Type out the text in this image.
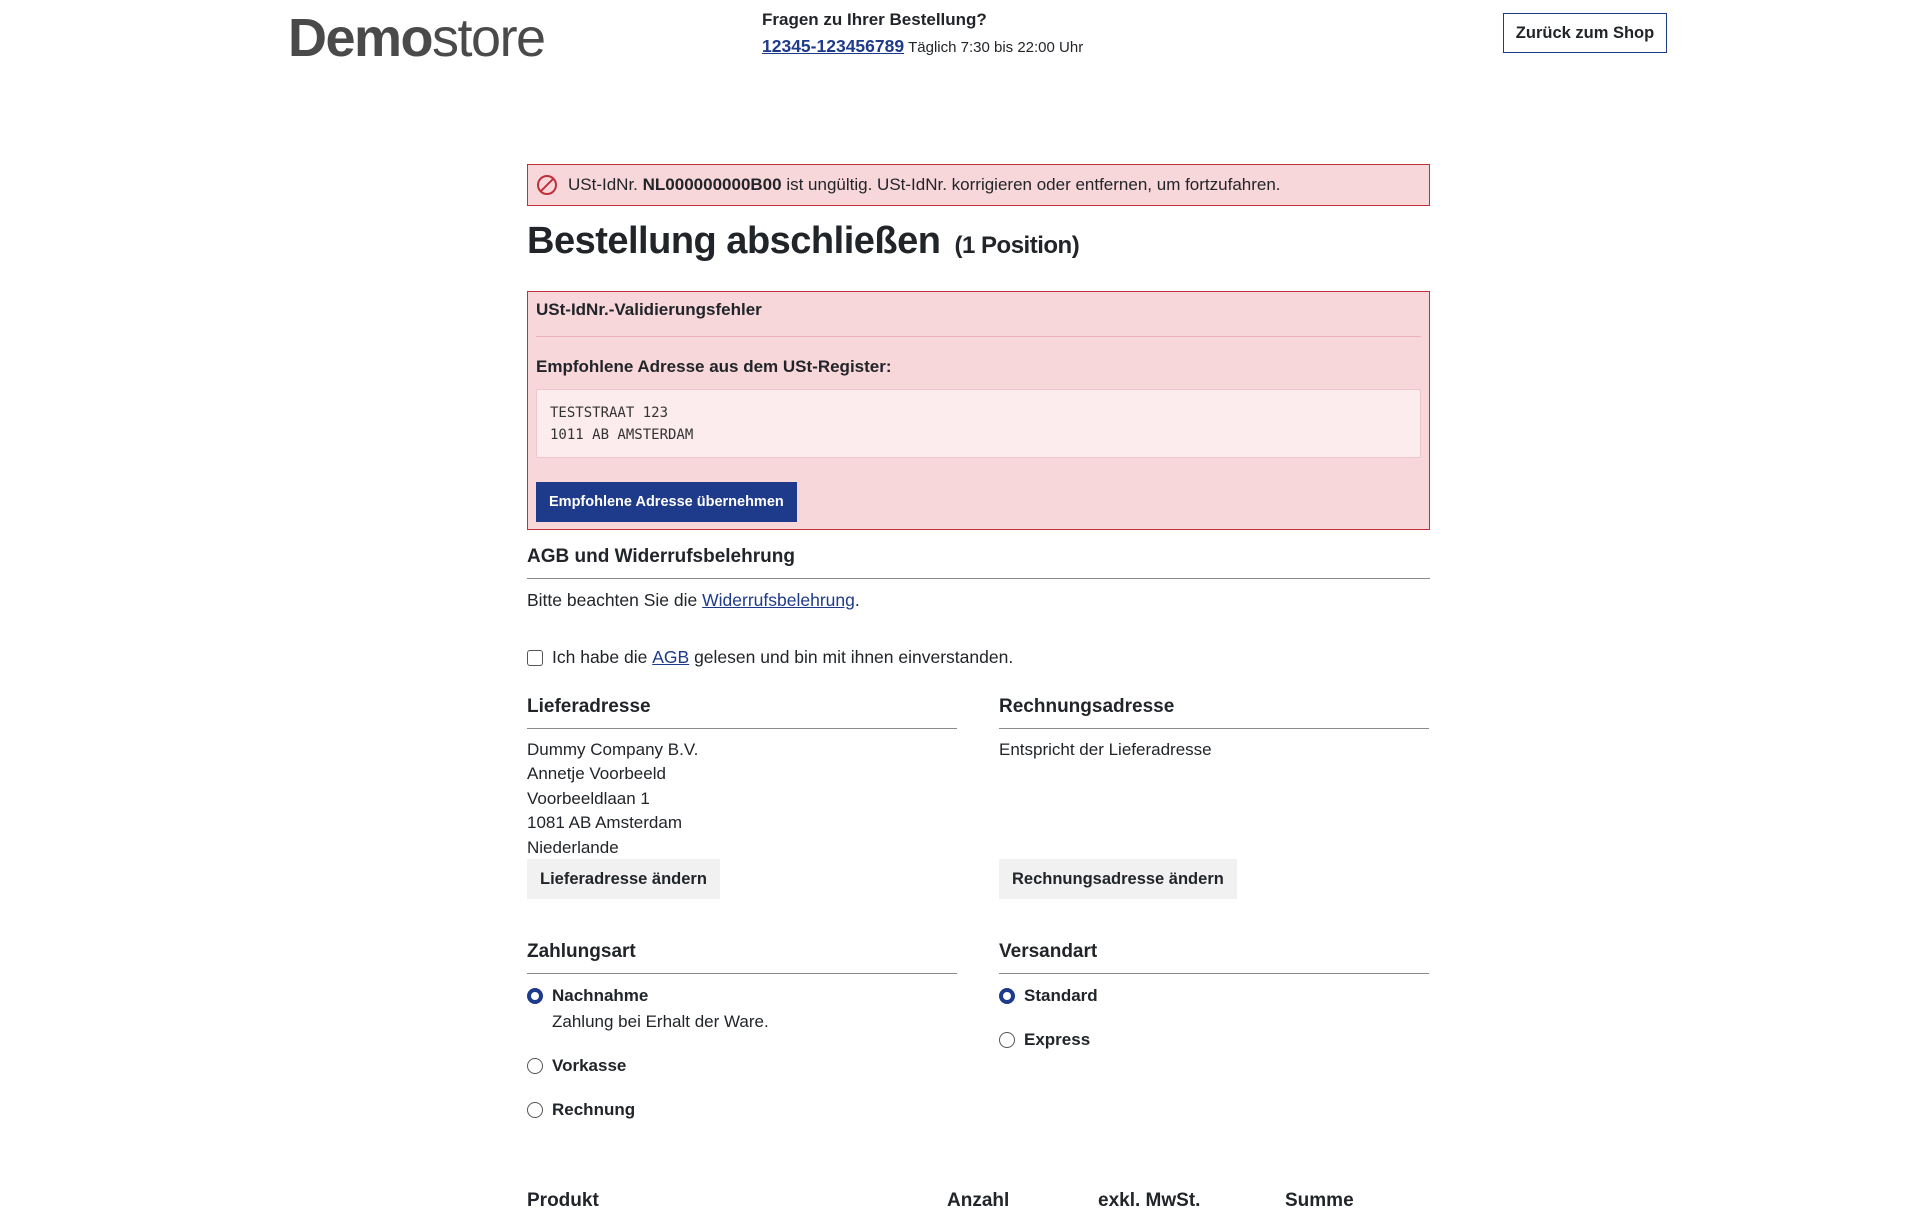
Demostore	Fragen zu Ihrer Bestellung?
12345-123456789 Täglich 7:30 bis 22:00 Uhr
Zurück zum Shop
USt-IdNr.
NL000000000B00
ist ungültig. USt-IdNr. korrigieren oder entfernen, um fortzufahren.
Bestellung abschließen (1 Position)
USt-IdNr.-Validierungsfehler
Empfohlene Adresse aus dem USt-Register:
TESTSTRAAT 123
1011 AB AMSTERDAM
Empfohlene Adresse übernehmen
AGB und Widerrufsbelehrung
Bitte beachten Sie die Widerrufsbelehrung.
Ich habe die
AGB
gelesen und bin mit ihnen einverstanden.
Lieferadresse
Dummy Company B.V.
Annetje Voorbeeld
Voorbeeldlaan 1
1081 AB Amsterdam
Niederlande
Lieferadresse ändern
Rechnungsadresse
Entspricht der Lieferadresse
Rechnungsadresse ändern
Zahlungsart
Nachnahme
Zahlung bei Erhalt der Ware.
Vorkasse
Rechnung
Versandart
Standard
Express
Produkt	Anzahl	exkl. MwSt.	Summe
